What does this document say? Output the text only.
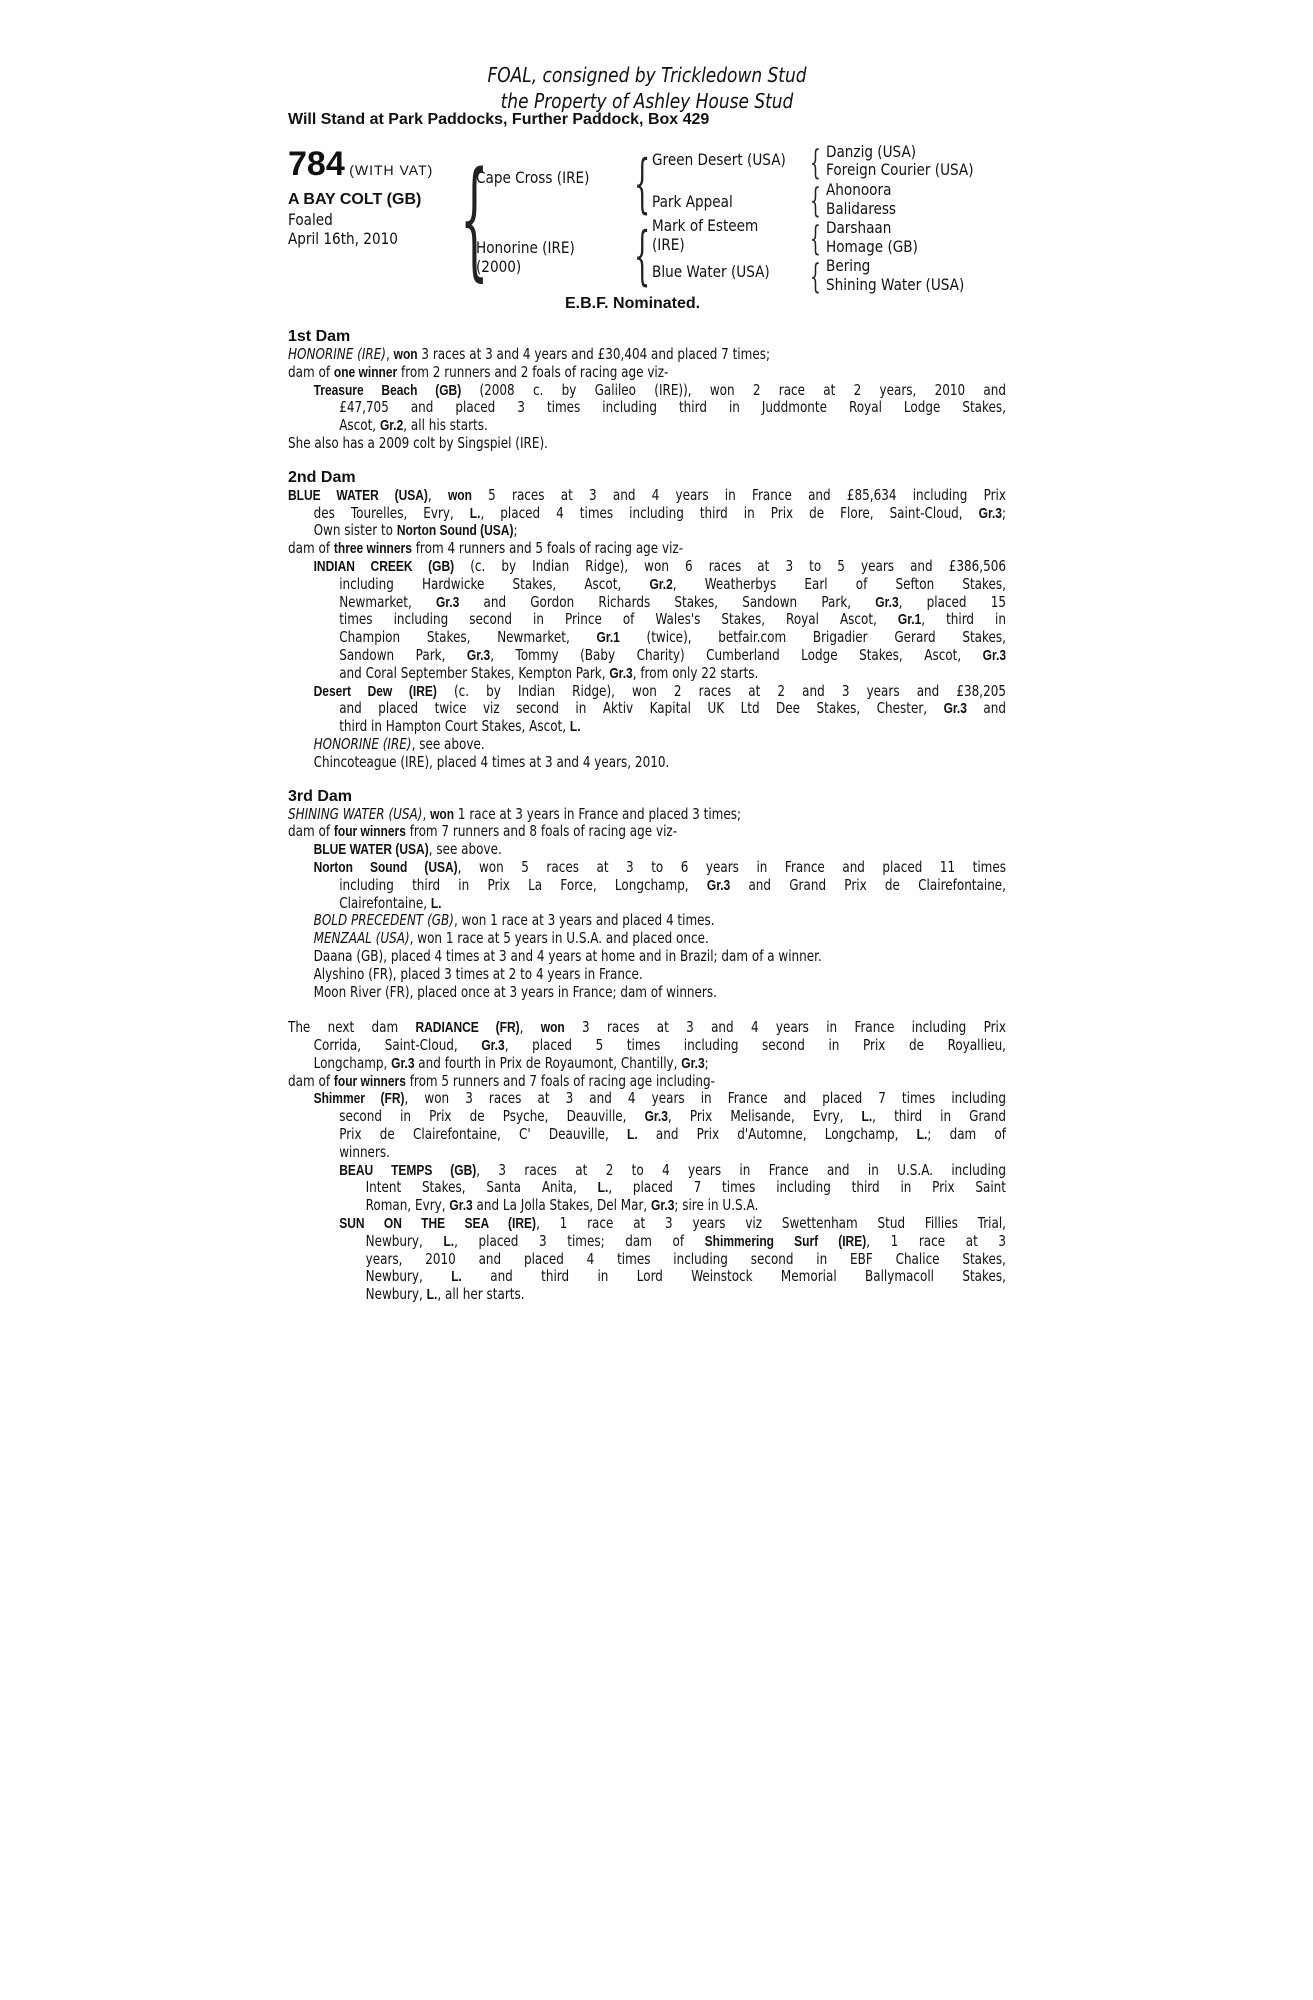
FOAL, consigned by Trickledown Stud
the Property of Ashley House Stud
Will Stand at Park Paddocks, Further Paddock, Box 429
784 (WITH VAT)
A BAY COLT (GB)
Foaled
April 16th, 2010 {
Cape Cross (IRE)
Honorine (IRE)
(2000)
{ Green Desert (USA)
Park Appeal
{ Mark of Esteem
(IRE)
Blue Water (USA)
{ Danzig (USA)
Foreign Courier (USA)
{ Ahonoora
Balidaress
{ Darshaan
Homage (GB)
{ Bering
Shining Water (USA)
E.B.F. Nominated.
1st Dam
HONORINE (IRE), won 3 races at 3 and 4 years and £30,404 and placed 7 times;
dam of one winner from 2 runners and 2 foals of racing age viz-
Treasure Beach (GB) (2008 c. by Galileo (IRE)), won 2 race at 2 years, 2010 and
£47,705 and placed 3 times including third in Juddmonte Royal Lodge Stakes,
Ascot, Gr.2, all his starts.
She also has a 2009 colt by Singspiel (IRE).
2nd Dam
BLUE WATER (USA), won 5 races at 3 and 4 years in France and £85,634 including Prix
des Tourelles, Evry, L., placed 4 times including third in Prix de Flore, Saint-Cloud, Gr.3;
Own sister to Norton Sound (USA);
dam of three winners from 4 runners and 5 foals of racing age viz-
INDIAN CREEK (GB) (c. by Indian Ridge), won 6 races at 3 to 5 years and £386,506
including Hardwicke Stakes, Ascot, Gr.2, Weatherbys Earl of Sefton Stakes,
Newmarket, Gr.3 and Gordon Richards Stakes, Sandown Park, Gr.3, placed 15
times including second in Prince of Wales's Stakes, Royal Ascot, Gr.1, third in
Champion Stakes, Newmarket, Gr.1 (twice), betfair.com Brigadier Gerard Stakes,
Sandown Park, Gr.3, Tommy (Baby Charity) Cumberland Lodge Stakes, Ascot, Gr.3
and Coral September Stakes, Kempton Park, Gr.3, from only 22 starts.
Desert Dew (IRE) (c. by Indian Ridge), won 2 races at 2 and 3 years and £38,205
and placed twice viz second in Aktiv Kapital UK Ltd Dee Stakes, Chester, Gr.3 and
third in Hampton Court Stakes, Ascot, L.
HONORINE (IRE), see above.
Chincoteague (IRE), placed 4 times at 3 and 4 years, 2010.
3rd Dam
SHINING WATER (USA), won 1 race at 3 years in France and placed 3 times;
dam of four winners from 7 runners and 8 foals of racing age viz-
BLUE WATER (USA), see above.
Norton Sound (USA), won 5 races at 3 to 6 years in France and placed 11 times
including third in Prix La Force, Longchamp, Gr.3 and Grand Prix de Clairefontaine,
Clairefontaine, L.
BOLD PRECEDENT (GB), won 1 race at 3 years and placed 4 times.
MENZAAL (USA), won 1 race at 5 years in U.S.A. and placed once.
Daana (GB), placed 4 times at 3 and 4 years at home and in Brazil; dam of a winner.
Alyshino (FR), placed 3 times at 2 to 4 years in France.
Moon River (FR), placed once at 3 years in France; dam of winners.
The next dam RADIANCE (FR), won 3 races at 3 and 4 years in France including Prix
Corrida, Saint-Cloud, Gr.3, placed 5 times including second in Prix de Royallieu,
Longchamp, Gr.3 and fourth in Prix de Royaumont, Chantilly, Gr.3;
dam of four winners from 5 runners and 7 foals of racing age including-
Shimmer (FR), won 3 races at 3 and 4 years in France and placed 7 times including
second in Prix de Psyche, Deauville, Gr.3, Prix Melisande, Evry, L., third in Grand
Prix de Clairefontaine, C' Deauville, L. and Prix d'Automne, Longchamp, L.; dam of
winners.
BEAU TEMPS (GB), 3 races at 2 to 4 years in France and in U.S.A. including
Intent Stakes, Santa Anita, L., placed 7 times including third in Prix Saint
Roman, Evry, Gr.3 and La Jolla Stakes, Del Mar, Gr.3; sire in U.S.A.
SUN ON THE SEA (IRE), 1 race at 3 years viz Swettenham Stud Fillies Trial,
Newbury, L., placed 3 times; dam of Shimmering Surf (IRE), 1 race at 3
years, 2010 and placed 4 times including second in EBF Chalice Stakes,
Newbury, L. and third in Lord Weinstock Memorial Ballymacoll Stakes,
Newbury, L., all her starts.
